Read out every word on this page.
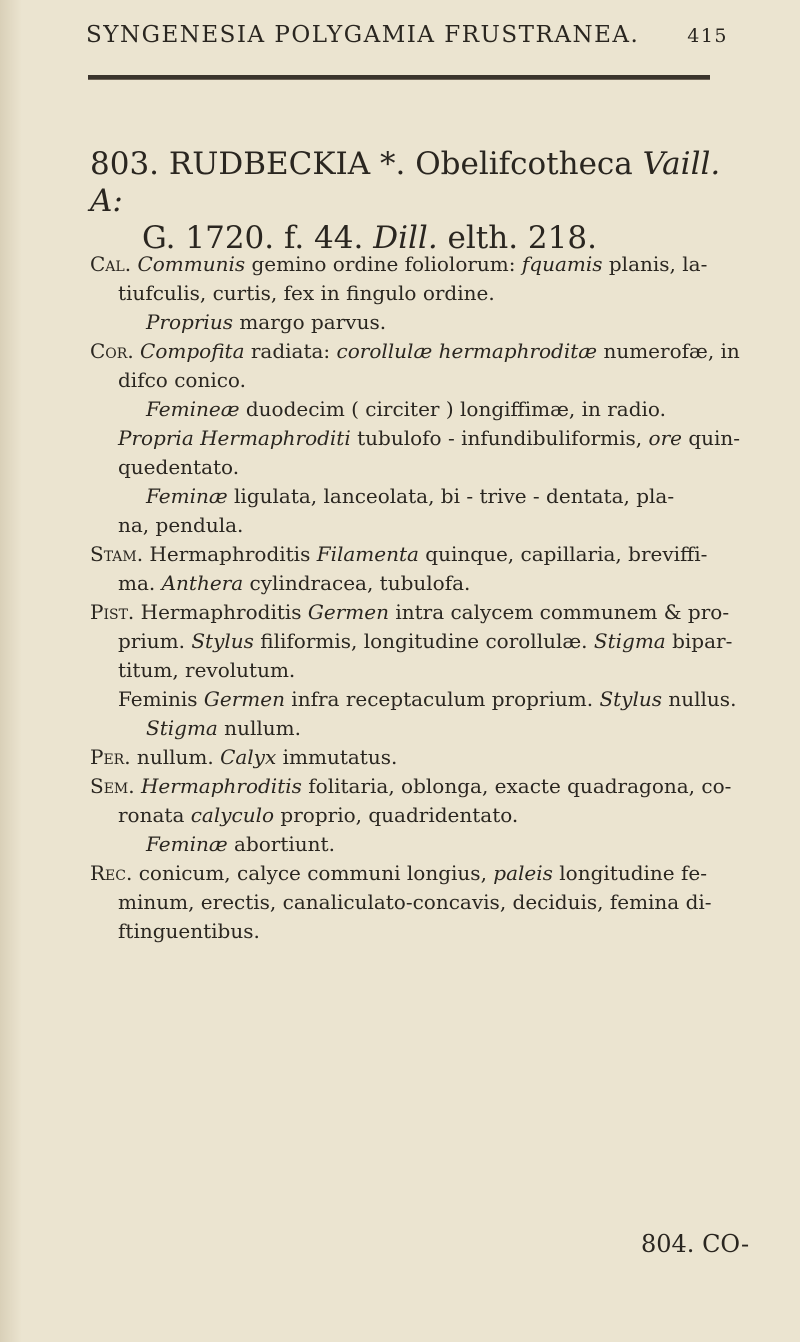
SYNGENESIA POLYGAMIA FRUSTRANEA.	415
803. RUDBECKIA *. Obelifcotheca Vaill. A:
G. 1720. f. 44. Dill. elth. 218.

Cal. Communis gemino ordine foliolorum: fquamis planis, la-

tiufculis, curtis, fex in fingulo ordine.

Proprius margo parvus.

Cor. Compofita radiata: corollulæ hermaphroditæ numerofæ, in

difco conico.

Femineæ duodecim ( circiter ) longiffimæ, in radio.

Propria Hermaphroditi tubulofo - infundibuliformis, ore quin-

quedentato.

Feminæ ligulata, lanceolata, bi - trive - dentata, pla-

na, pendula.

Stam. Hermaphroditis Filamenta quinque, capillaria, breviffi-

ma. Anthera cylindracea, tubulofa.

Pist. Hermaphroditis Germen intra calycem communem & pro-

prium. Stylus filiformis, longitudine corollulæ. Stigma bipar-

titum, revolutum.

Feminis Germen infra receptaculum proprium. Stylus nullus.

Stigma nullum.

Per. nullum. Calyx immutatus.

Sem. Hermaphroditis folitaria, oblonga, exacte quadragona, co-

ronata calyculo proprio, quadridentato.

Feminæ abortiunt.

Rec. conicum, calyce communi longius, paleis longitudine fe-

minum, erectis, canaliculato-concavis, deciduis, femina di-

ftinguentibus.

804. CO-
